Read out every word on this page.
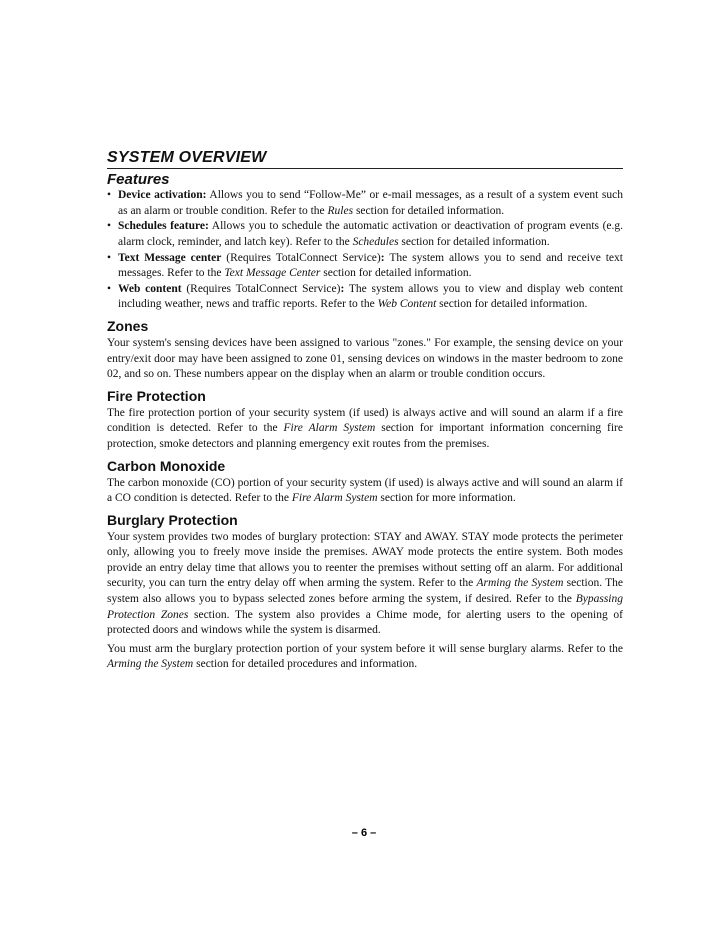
SYSTEM OVERVIEW
Features
• Device activation: Allows you to send “Follow-Me” or e-mail messages, as a result of a system event such as an alarm or trouble condition. Refer to the Rules section for detailed information.
• Schedules feature: Allows you to schedule the automatic activation or deactivation of program events (e.g. alarm clock, reminder, and latch key). Refer to the Schedules section for detailed information.
• Text Message center (Requires TotalConnect Service): The system allows you to send and receive text messages. Refer to the Text Message Center section for detailed information.
• Web content (Requires TotalConnect Service): The system allows you to view and display web content including weather, news and traffic reports. Refer to the Web Content section for detailed information.
Zones

Your system's sensing devices have been assigned to various "zones." For example, the sensing device on your entry/exit door may have been assigned to zone 01, sensing devices on windows in the master bedroom to zone 02, and so on. These numbers appear on the display when an alarm or trouble condition occurs.

Fire Protection

The fire protection portion of your security system (if used) is always active and will sound an alarm if a fire condition is detected. Refer to the Fire Alarm System section for important information concerning fire protection, smoke detectors and planning emergency exit routes from the premises.

Carbon Monoxide

The carbon monoxide (CO) portion of your security system (if used) is always active and will sound an alarm if a CO condition is detected. Refer to the Fire Alarm System section for more information.

Burglary Protection

Your system provides two modes of burglary protection: STAY and AWAY. STAY mode protects the perimeter only, allowing you to freely move inside the premises. AWAY mode protects the entire system. Both modes provide an entry delay time that allows you to reenter the premises without setting off an alarm. For additional security, you can turn the entry delay off when arming the system. Refer to the Arming the System section. The system also allows you to bypass selected zones before arming the system, if desired. Refer to the Bypassing Protection Zones section. The system also provides a Chime mode, for alerting users to the opening of protected doors and windows while the system is disarmed.

You must arm the burglary protection portion of your system before it will sense burglary alarms. Refer to the Arming the System section for detailed procedures and information.

– 6 –
